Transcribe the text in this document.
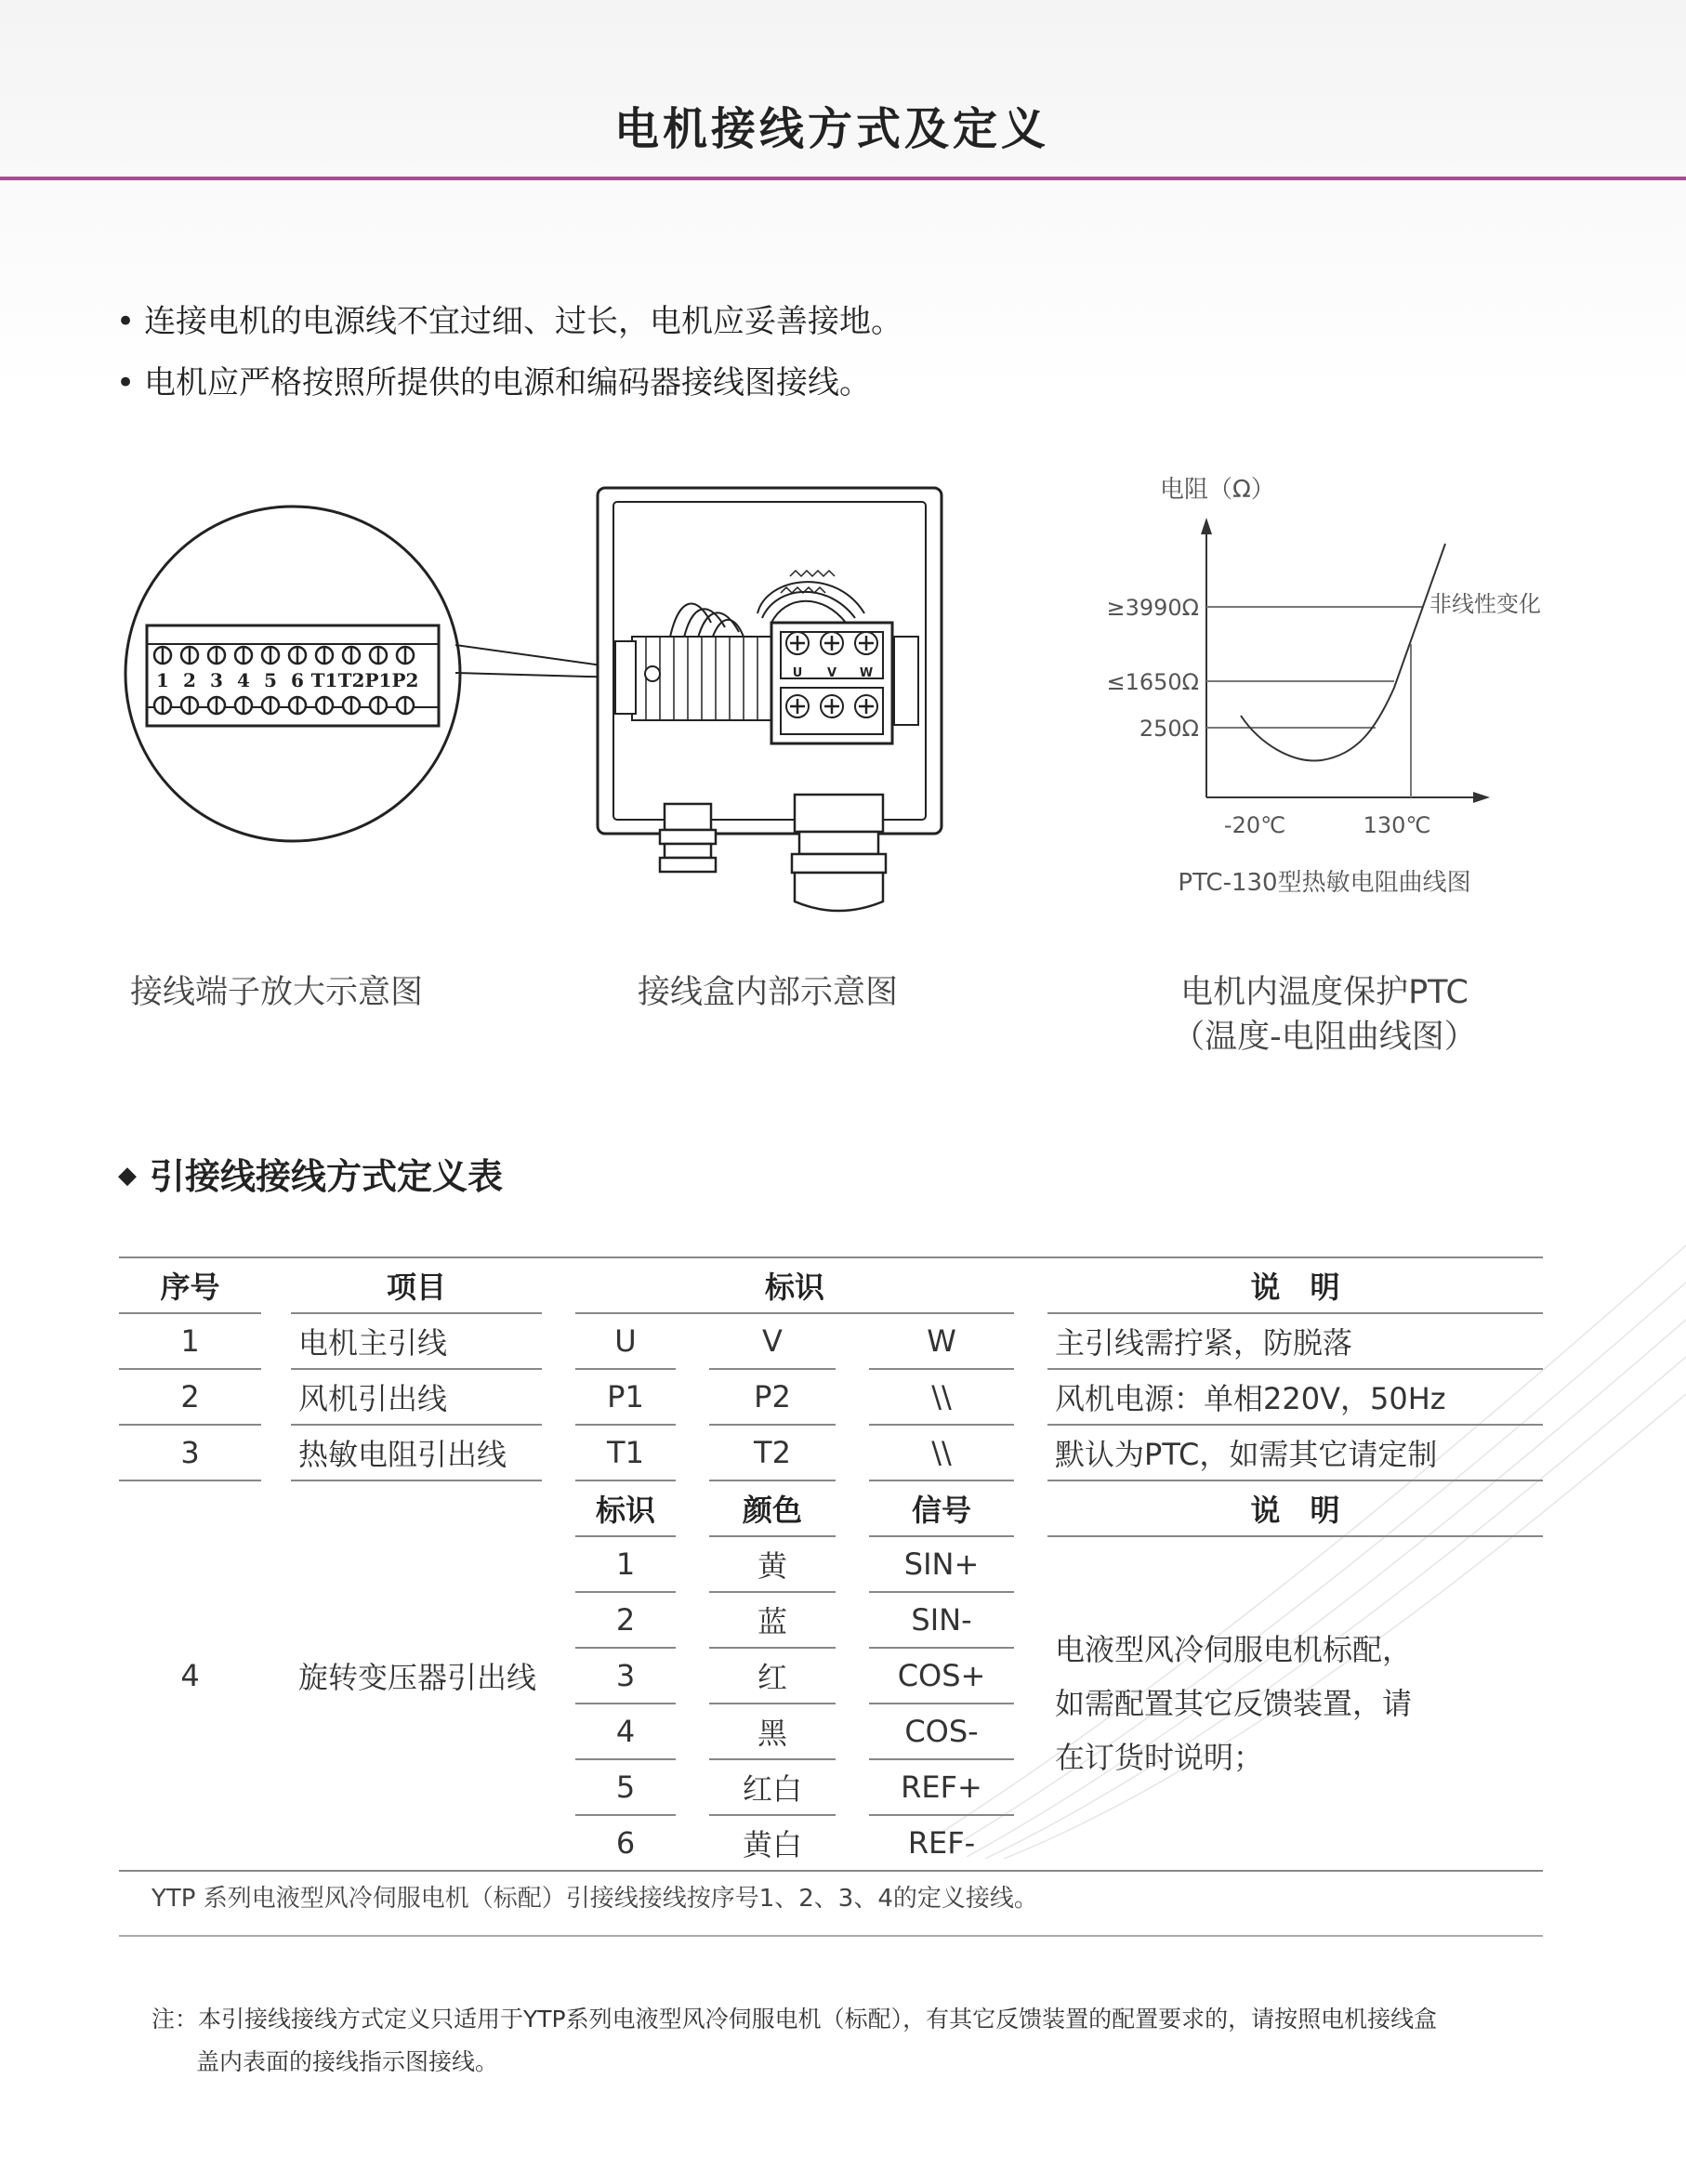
电机接线方式及定义
• 连接电机的电源线不宜过细、过长，电机应妥善接地。
• 电机应严格按照所提供的电源和编码器接线图接线。
1 2 3 4 5 6 T1 T2 P1 P2	U V W
电阻（Ω）
≥3990Ω
≤1650Ω
250Ω
非线性变化
-20℃	130℃
PTC-130型热敏电阻曲线图
接线端子放大示意图	接线盒内部示意图	电机内温度保护PTC
（温度-电阻曲线图）
◆ 引接线接线方式定义表
序号		项目		标识						说　明
1		电机主引线		U		V		W		主引线需拧紧，防脱落
2		风机引出线		P1		P2		\\		风机电源：单相220V，50Hz
3		热敏电阻引出线		T1		T2		\\		默认为PTC，如需其它请定制
4		旋转变压器引出线		标识		颜色		信号		说　明
				1		黄		SIN+		电液型风冷伺服电机标配，
如需配置其它反馈装置，请
在订货时说明；

				2		蓝		SIN-		
				3		红		COS+		
				4		黑		COS-		
				5		红白		REF+		
				6		黄白		REF-		

YTP 系列电液型风冷伺服电机（标配）引接线接线按序号1、2、3、4的定义接线。
注：本引接线接线方式定义只适用于YTP系列电液型风冷伺服电机（标配），有其它反馈装置的配置要求的，请按照电机接线盒
盖内表面的接线指示图接线。
